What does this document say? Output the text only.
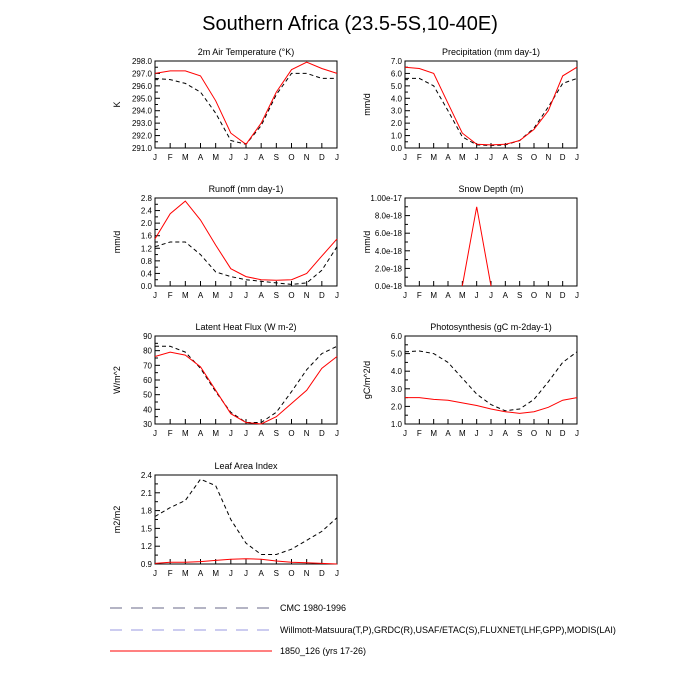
Southern Africa (23.5-5S,10-40E)
2m Air Temperature (°K)
291.0
292.0
293.0
294.0
295.0
296.0
297.0
298.0
J F M A M J J A S O N D J
K
Precipitation (mm day-1)
0.0
1.0
2.0
3.0
4.0
5.0
6.0
7.0
J F M A M J J A S O N D J
mm/d
Runoff (mm day-1)
0.0
0.4
0.8
1.2
1.6
2.0
2.4
2.8
J F M A M J J A S O N D J
mm/d
Snow Depth (m)
0.0e-18
2.0e-18
4.0e-18
6.0e-18
8.0e-18
1.00e-17
J F M A M J J A S O N D J
mm/d
Latent Heat Flux (W m-2)
30
40
50
60
70
80
90
J F M A M J J A S O N D J
W/m^2
Photosynthesis (gC m-2day-1)
1.0
2.0
3.0
4.0
5.0
6.0
J F M A M J J A S O N D J
gC/m^2/d
Leaf Area Index
0.9
1.2
1.5
1.8
2.1
2.4
J F M A M J J A S O N D J
m2/m2
CMC 1980-1996
Willmott-Matsuura(T,P),GRDC(R),USAF/ETAC(S),FLUXNET(LHF,GPP),MODIS(LAI)
1850_126 (yrs 17-26)
